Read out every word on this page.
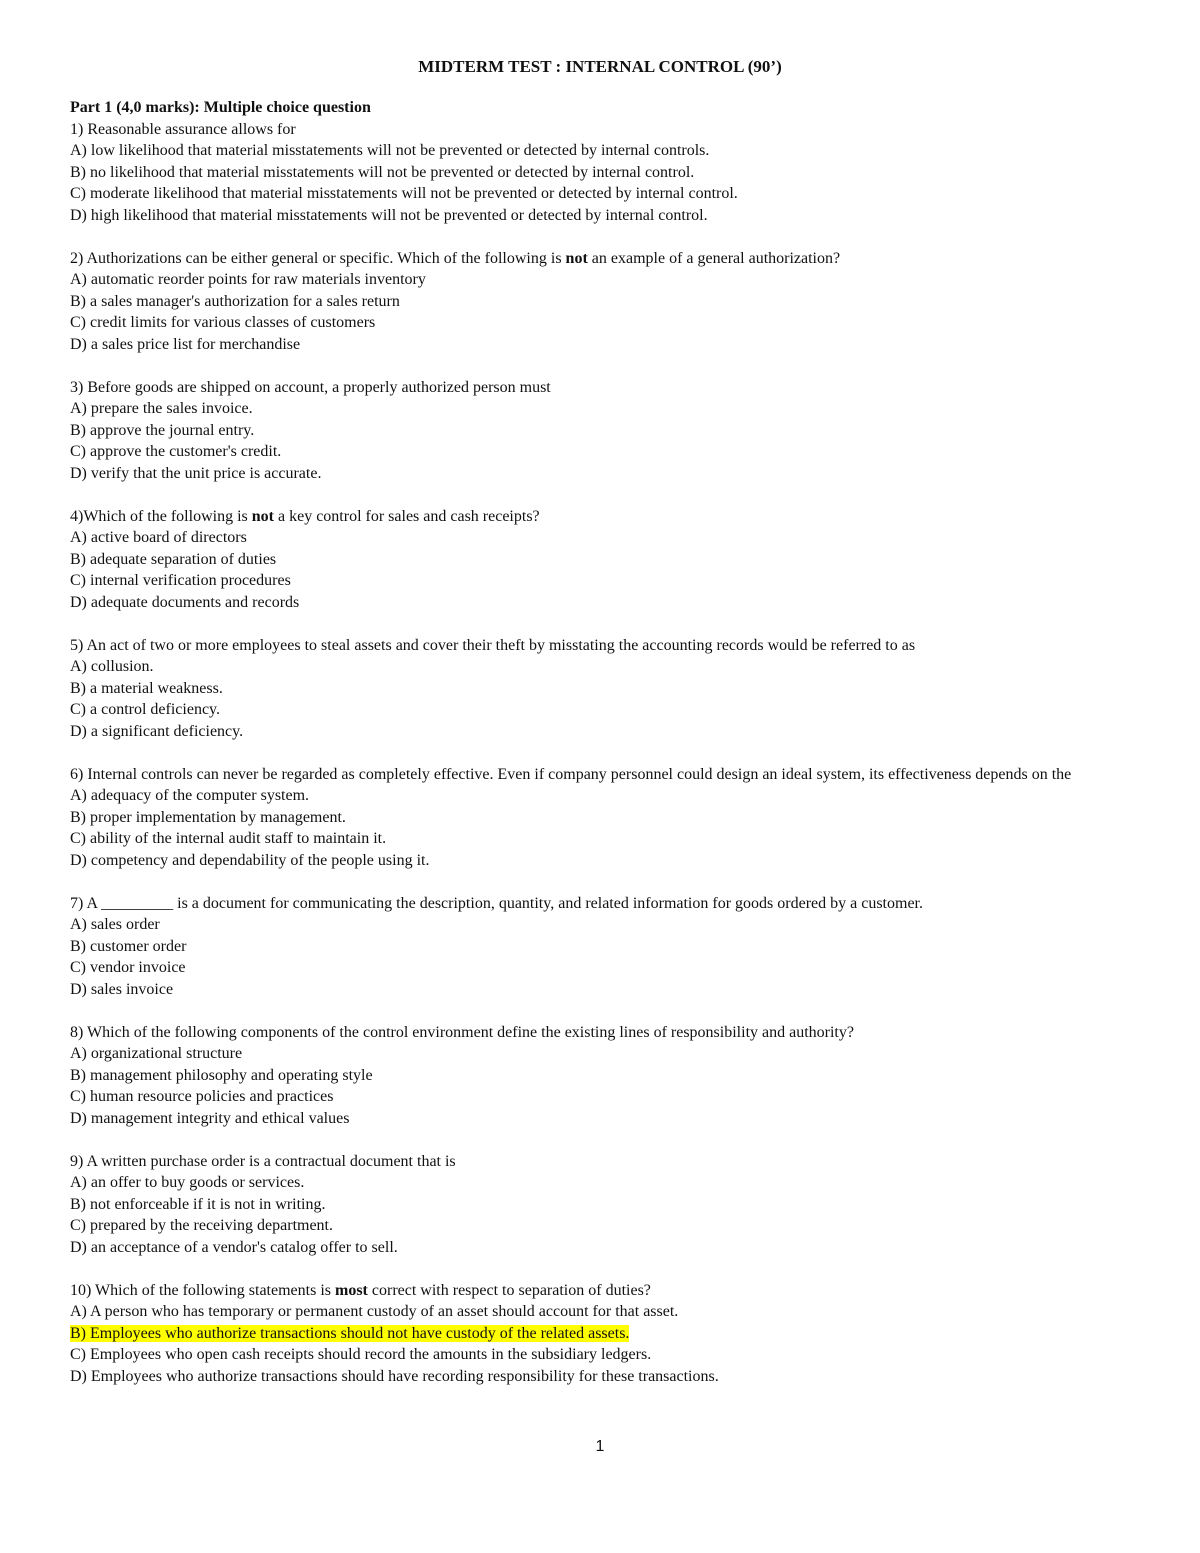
MIDTERM TEST : INTERNAL CONTROL (90’)
Part 1 (4,0 marks): Multiple choice question
1) Reasonable assurance allows for
A) low likelihood that material misstatements will not be prevented or detected by internal controls.
B) no likelihood that material misstatements will not be prevented or detected by internal control.
C) moderate likelihood that material misstatements will not be prevented or detected by internal control.
D) high likelihood that material misstatements will not be prevented or detected by internal control.
2) Authorizations can be either general or specific. Which of the following is not an example of a general authorization?
A) automatic reorder points for raw materials inventory
B) a sales manager's authorization for a sales return
C) credit limits for various classes of customers
D) a sales price list for merchandise
3) Before goods are shipped on account, a properly authorized person must
A) prepare the sales invoice.
B) approve the journal entry.
C) approve the customer's credit.
D) verify that the unit price is accurate.
4)Which of the following is not a key control for sales and cash receipts?
A) active board of directors
B) adequate separation of duties
C) internal verification procedures
D) adequate documents and records
5) An act of two or more employees to steal assets and cover their theft by misstating the accounting records would be referred to as
A) collusion.
B) a material weakness.
C) a control deficiency.
D) a significant deficiency.
6) Internal controls can never be regarded as completely effective. Even if company personnel could design an ideal system, its effectiveness depends on the
A) adequacy of the computer system.
B) proper implementation by management.
C) ability of the internal audit staff to maintain it.
D) competency and dependability of the people using it.
7) A _________ is a document for communicating the description, quantity, and related information for goods ordered by a customer.
A) sales order
B) customer order
C) vendor invoice
D) sales invoice
8) Which of the following components of the control environment define the existing lines of responsibility and authority?
A) organizational structure
B) management philosophy and operating style
C) human resource policies and practices
D) management integrity and ethical values
9) A written purchase order is a contractual document that is
A) an offer to buy goods or services.
B) not enforceable if it is not in writing.
C) prepared by the receiving department.
D) an acceptance of a vendor's catalog offer to sell.
10) Which of the following statements is most correct with respect to separation of duties?
A) A person who has temporary or permanent custody of an asset should account for that asset.
B) Employees who authorize transactions should not have custody of the related assets.
C) Employees who open cash receipts should record the amounts in the subsidiary ledgers.
D) Employees who authorize transactions should have recording responsibility for these transactions.
1
